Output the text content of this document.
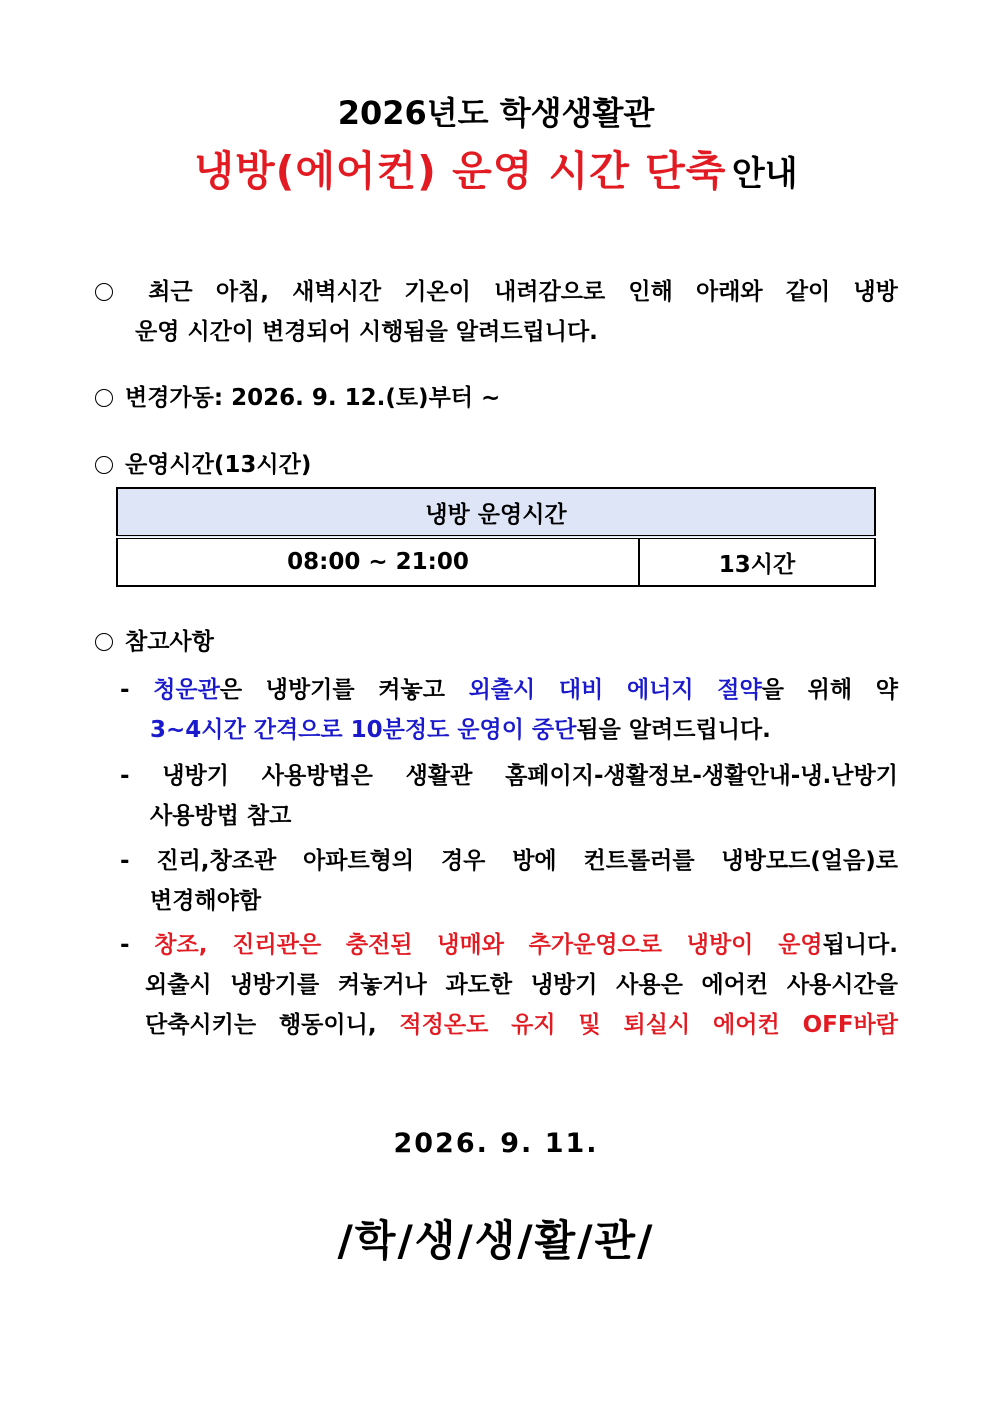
2026년도 학생생활관
냉방(에어컨) 운영 시간 단축 안내
최근 아침, 새벽시간 기온이 내려감으로 인해 아래와 같이 냉방
운영 시간이 변경되어 시행됨을 알려드립니다.
변경가동: 2026. 9. 12.(토)부터 ~
운영시간(13시간)
냉방 운영시간
08:00 ~ 21:00	13시간
참고사항
- 청운관은 냉방기를 켜놓고 외출시 대비 에너지 절약을 위해 약
3~4시간 간격으로 10분정도 운영이 중단됨을 알려드립니다.
- 냉방기 사용방법은 생활관 홈페이지-생활정보-생활안내-냉.난방기
사용방법 참고
- 진리,창조관 아파트형의 경우 방에 컨트롤러를 냉방모드(얼음)로
변경해야함
- 창조, 진리관은 충전된 냉매와 추가운영으로 냉방이 운영됩니다.
외출시 냉방기를 켜놓거나 과도한 냉방기 사용은 에어컨 사용시간을
단축시키는 행동이니, 적정온도 유지 및 퇴실시 에어컨 OFF바람
2026. 9. 11.
/학/생/생/활/관/
